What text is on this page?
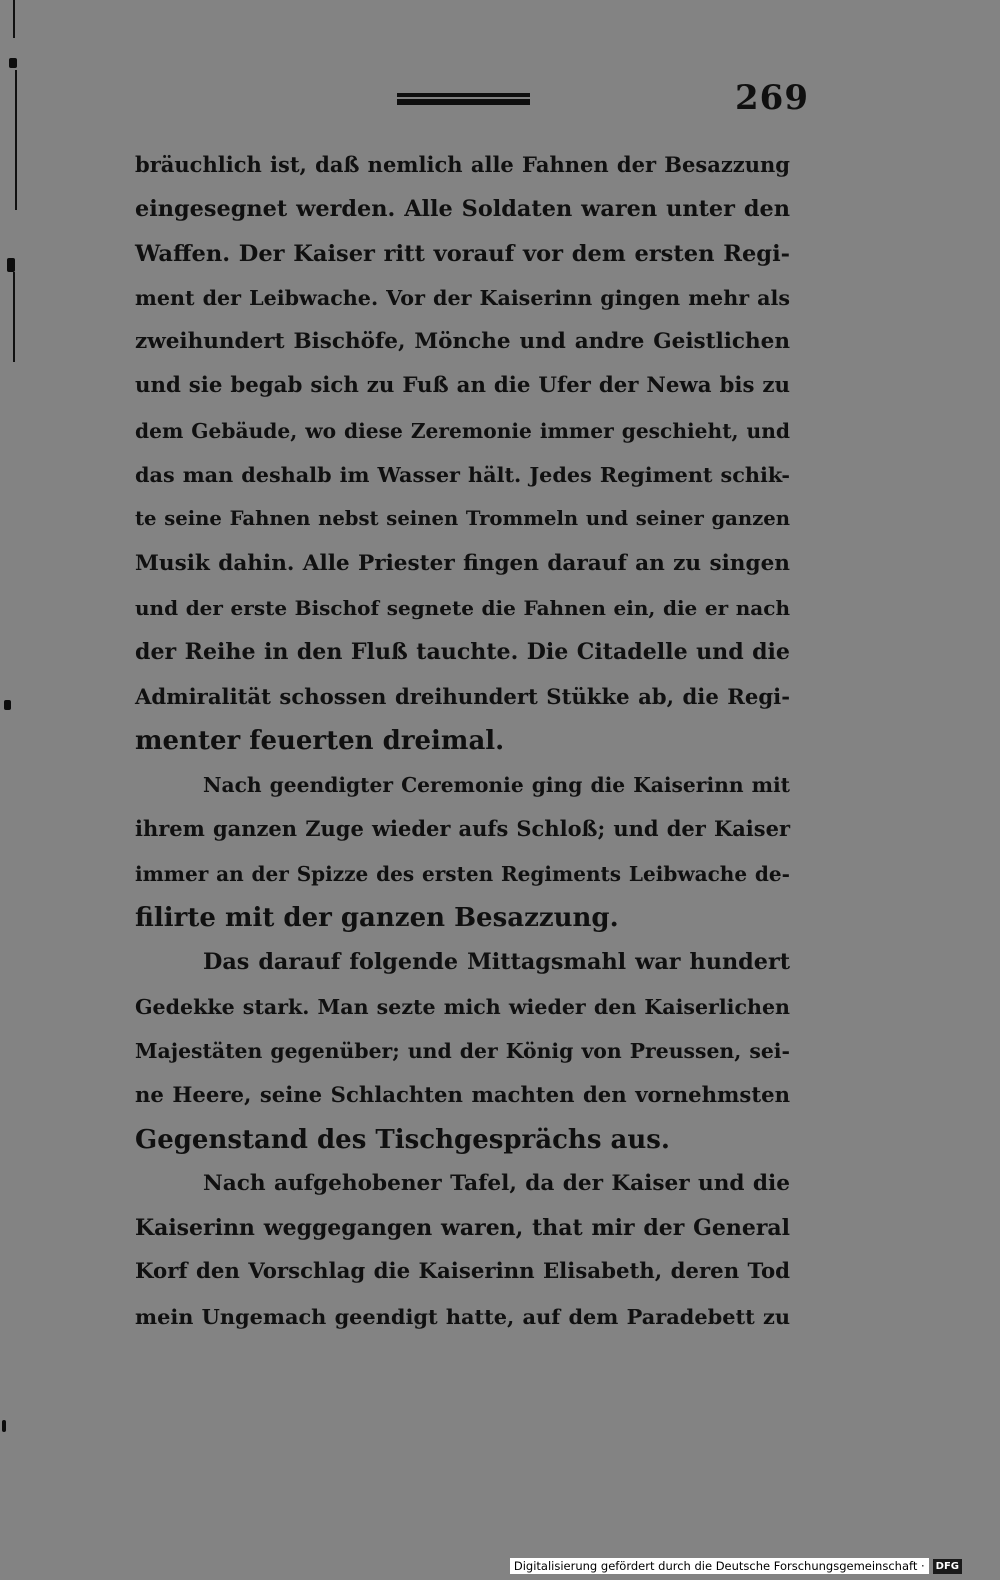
269
bräuchlich ist, daß nemlich alle Fahnen der Besazzung
eingesegnet werden. Alle Soldaten waren unter den
Waffen. Der Kaiser ritt vorauf vor dem ersten Regi-
ment der Leibwache. Vor der Kaiserinn gingen mehr als
zweihundert Bischöfe, Mönche und andre Geistlichen
und sie begab sich zu Fuß an die Ufer der Newa bis zu
dem Gebäude, wo diese Zeremonie immer geschieht, und
das man deshalb im Wasser hält. Jedes Regiment schik-
te seine Fahnen nebst seinen Trommeln und seiner ganzen
Musik dahin. Alle Priester fingen darauf an zu singen
und der erste Bischof segnete die Fahnen ein, die er nach
der Reihe in den Fluß tauchte. Die Citadelle und die
Admiralität schossen dreihundert Stükke ab, die Regi-
menter feuerten dreimal.
Nach geendigter Ceremonie ging die Kaiserinn mit
ihrem ganzen Zuge wieder aufs Schloß; und der Kaiser
immer an der Spizze des ersten Regiments Leibwache de-
filirte mit der ganzen Besazzung.
Das darauf folgende Mittagsmahl war hundert
Gedekke stark. Man sezte mich wieder den Kaiserlichen
Majestäten gegenüber; und der König von Preussen, sei-
ne Heere, seine Schlachten machten den vornehmsten
Gegenstand des Tischgesprächs aus.
Nach aufgehobener Tafel, da der Kaiser und die
Kaiserinn weggegangen waren, that mir der General
Korf den Vorschlag die Kaiserinn Elisabeth, deren Tod
mein Ungemach geendigt hatte, auf dem Paradebett zu
Digitalisierung gefördert durch die Deutsche Forschungsgemeinschaft ·	DFG
